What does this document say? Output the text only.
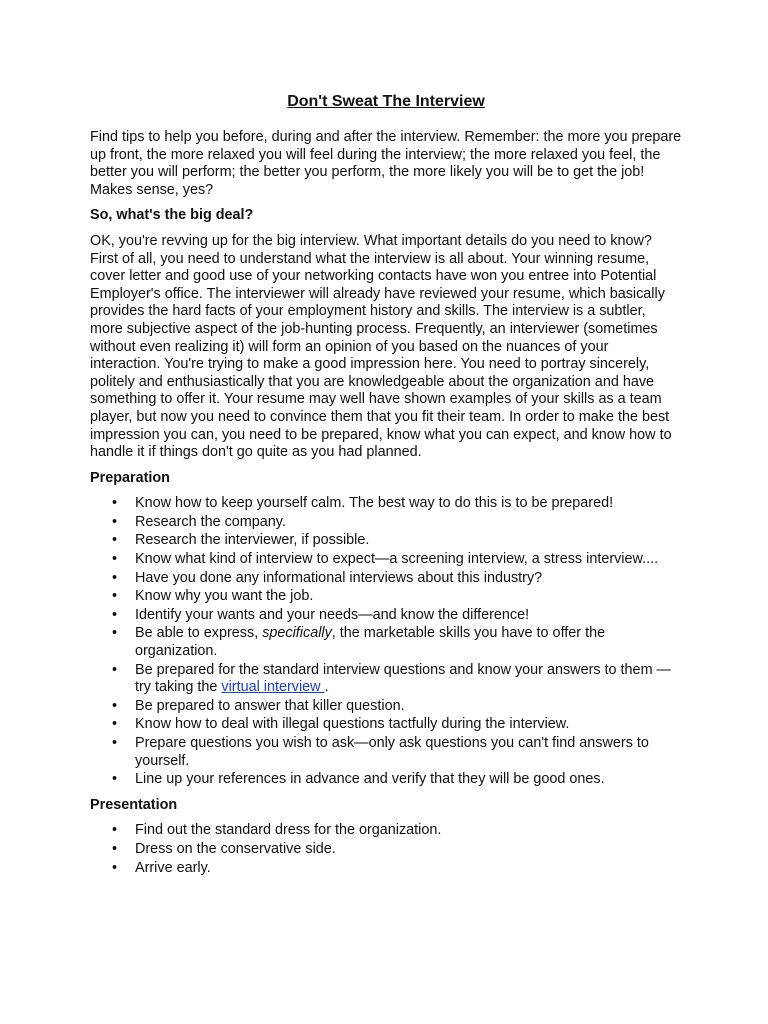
Don't Sweat The Interview

Find tips to help you before, during and after the interview. Remember: the more you prepare up front, the more relaxed you will feel during the interview; the more relaxed you feel, the better you will perform; the better you perform, the more likely you will be to get the job! Makes sense, yes?

So, what's the big deal?

OK, you're revving up for the big interview. What important details do you need to know? First of all, you need to understand what the interview is all about. Your winning resume, cover letter and good use of your networking contacts have won you entree into Potential Employer's office. The interviewer will already have reviewed your resume, which basically provides the hard facts of your employment history and skills. The interview is a subtler, more subjective aspect of the job-hunting process. Frequently, an interviewer (sometimes without even realizing it) will form an opinion of you based on the nuances of your interaction. You're trying to make a good impression here. You need to portray sincerely, politely and enthusiastically that you are knowledgeable about the organization and have something to offer it. Your resume may well have shown examples of your skills as a team player, but now you need to convince them that you fit their team. In order to make the best impression you can, you need to be prepared, know what you can expect, and know how to handle it if things don't go quite as you had planned.

Preparation
• Know how to keep yourself calm. The best way to do this is to be prepared!
• Research the company.
• Research the interviewer, if possible.
• Know what kind of interview to expect—a screening interview, a stress interview....
• Have you done any informational interviews about this industry?
• Know why you want the job.
• Identify your wants and your needs—and know the difference!
• Be able to express, specifically, the marketable skills you have to offer the organization.
• Be prepared for the standard interview questions and know your answers to them —try taking the virtual interview .
• Be prepared to answer that killer question.
• Know how to deal with illegal questions tactfully during the interview.
• Prepare questions you wish to ask—only ask questions you can't find answers to yourself.
• Line up your references in advance and verify that they will be good ones.
Presentation
• Find out the standard dress for the organization.
• Dress on the conservative side.
• Arrive early.
